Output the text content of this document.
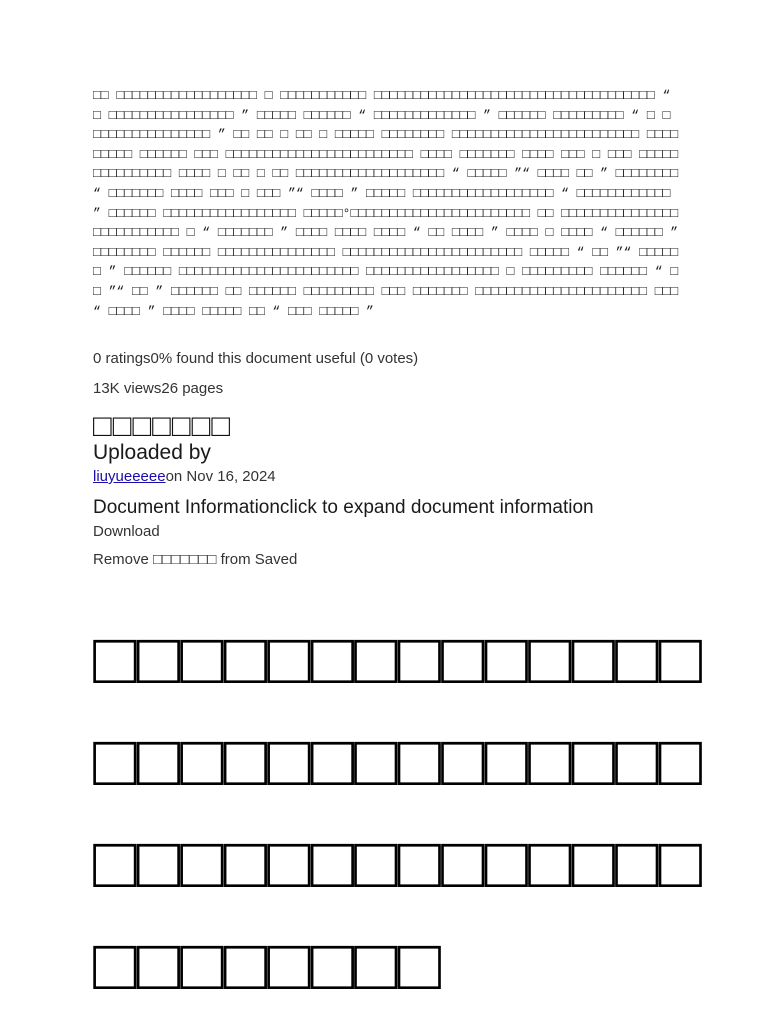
□□ □□□□□□□□□□□□□□□□□□ □ □□□□□□□□□□□ □□□□□□□□□□□□□□□□□□□□□□□□□□□□□□□□□□□□ “ □ □□□□□□□□□□□□□□□□ ” □□□□□ □□□□□□ “ □□□□□□□□□□□□□ ” □□□□□□ □□□□□□□□□ “ □ □ □□□□□□□□□□□□□□□ ” □□ □□ □ □□ □ □□□□□ □□□□□□□□ □□□□□□□□□□□□□□□□□□□□□□□□ □□□□□□□□□ □□□□□□ □□□ □□□□□□□□□□□□□□□□□□□□□□□□ □□□□ □□□□□□□ □□□□ □□□ □ □□□ □□□□□□□□□□□□□□□ □□□□ □ □□ □ □□ □□□□□□□□□□□□□□□□□□□ “ □□□□□ ”“ □□□□ □□ ” □□□□□□□□ “ □□□□□□□ □□□□ □□□ □ □□□ ”“ □□□□ ” □□□□□ □□□□□□□□□□□□□□□□□□ “ □□□□□□□□□□□□ ” □□□□□□ □□□□□□□□□□□□□□□□□ □□□□□°□□□□□□□□□□□□□□□□□□□□□□□ □□ □□□□□□□□□□□□□□□□□□□□□□□□□□ □ “ □□□□□□□ ” □□□□ □□□□ □□□□ “ □□ □□□□ ” □□□□ □ □□□□ “ □□□□□□ ” □□□□□□□□ □□□□□□ □□□□□□□□□□□□□□□ □□□□□□□□□□□□□□□□□□□□□□□ □□□□□ “ □□ ”“ □□□□□□ ” □□□□□□ □□□□□□□□□□□□□□□□□□□□□□□ □□□□□□□□□□□□□□□□□ □ □□□□□□□□□ □□□□□□ “ □□ ”“ □□ ” □□□□□□ □□ □□□□□□ □□□□□□□□□ □□□ □□□□□□□ □□□□□□□□□□□□□□□□□□□□□□ □□□ “ □□□□ ” □□□□ □□□□□ □□ “ □□□ □□□□□ ”

0 ratings0% found this document useful (0 votes)
13K views26 pages
□□□□□□□
Uploaded by
liuyueeeeeon Nov 16, 2024
Document Informationclick to expand document information
Download
Remove □□□□□□□ from Saved
□□□□□□□□□□□□□□□□□□□□□□□□□□□□□□□□□□□□□□□□□□□□□□□□□□
